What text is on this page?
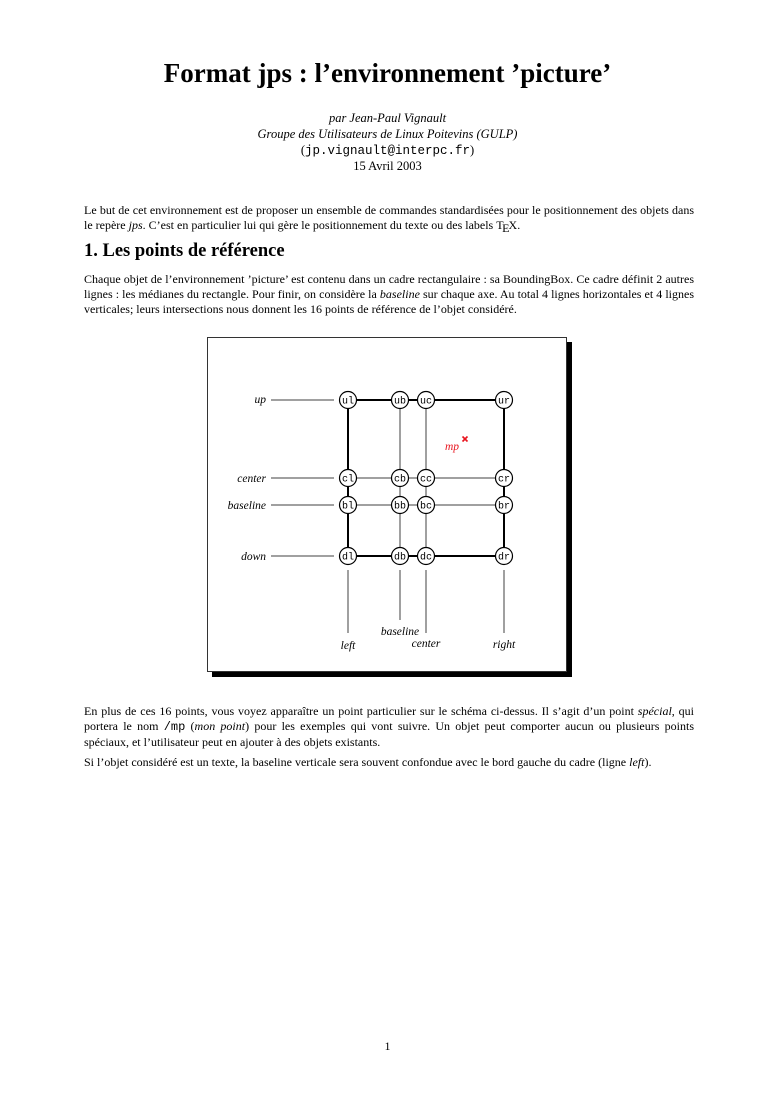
Format jps : l’environnement ’picture’
par Jean-Paul Vignault
Groupe des Utilisateurs de Linux Poitevins (GULP)
(jp.vignault@interpc.fr)
15 Avril 2003
Le but de cet environnement est de proposer un ensemble de commandes standardisées pour le positionnement des objets dans le repère jps. C’est en particulier lui qui gère le positionnement du texte ou des labels $T_EX$.
1. Les points de référence
Chaque objet de l’environnement ’picture’ est contenu dans un cadre rectangulaire : sa BoundingBox. Ce cadre définit 2 autres lignes : les médianes du rectangle. Pour finir, on considère la baseline sur chaque axe. Au total 4 lignes horizontales et 4 lignes verticales; leurs intersections nous donnent les 16 points de référence de l’objet considéré.
up
center
baseline
down
left
baseline
center	right
ul	ub uc	ur
cl	cb cc	cr
bl	bb bc	br
dl	db dc	dr
mp
En plus de ces 16 points, vous voyez apparaître un point particulier sur le schéma ci-dessus. Il s’agit d’un point spécial, qui portera le nom /mp (mon point) pour les exemples qui vont suivre. Un objet peut comporter aucun ou plusieurs points spéciaux, et l’utilisateur peut en ajouter à des objets existants.
Si l’objet considéré est un texte, la baseline verticale sera souvent confondue avec le bord gauche du cadre (ligne left).
1
